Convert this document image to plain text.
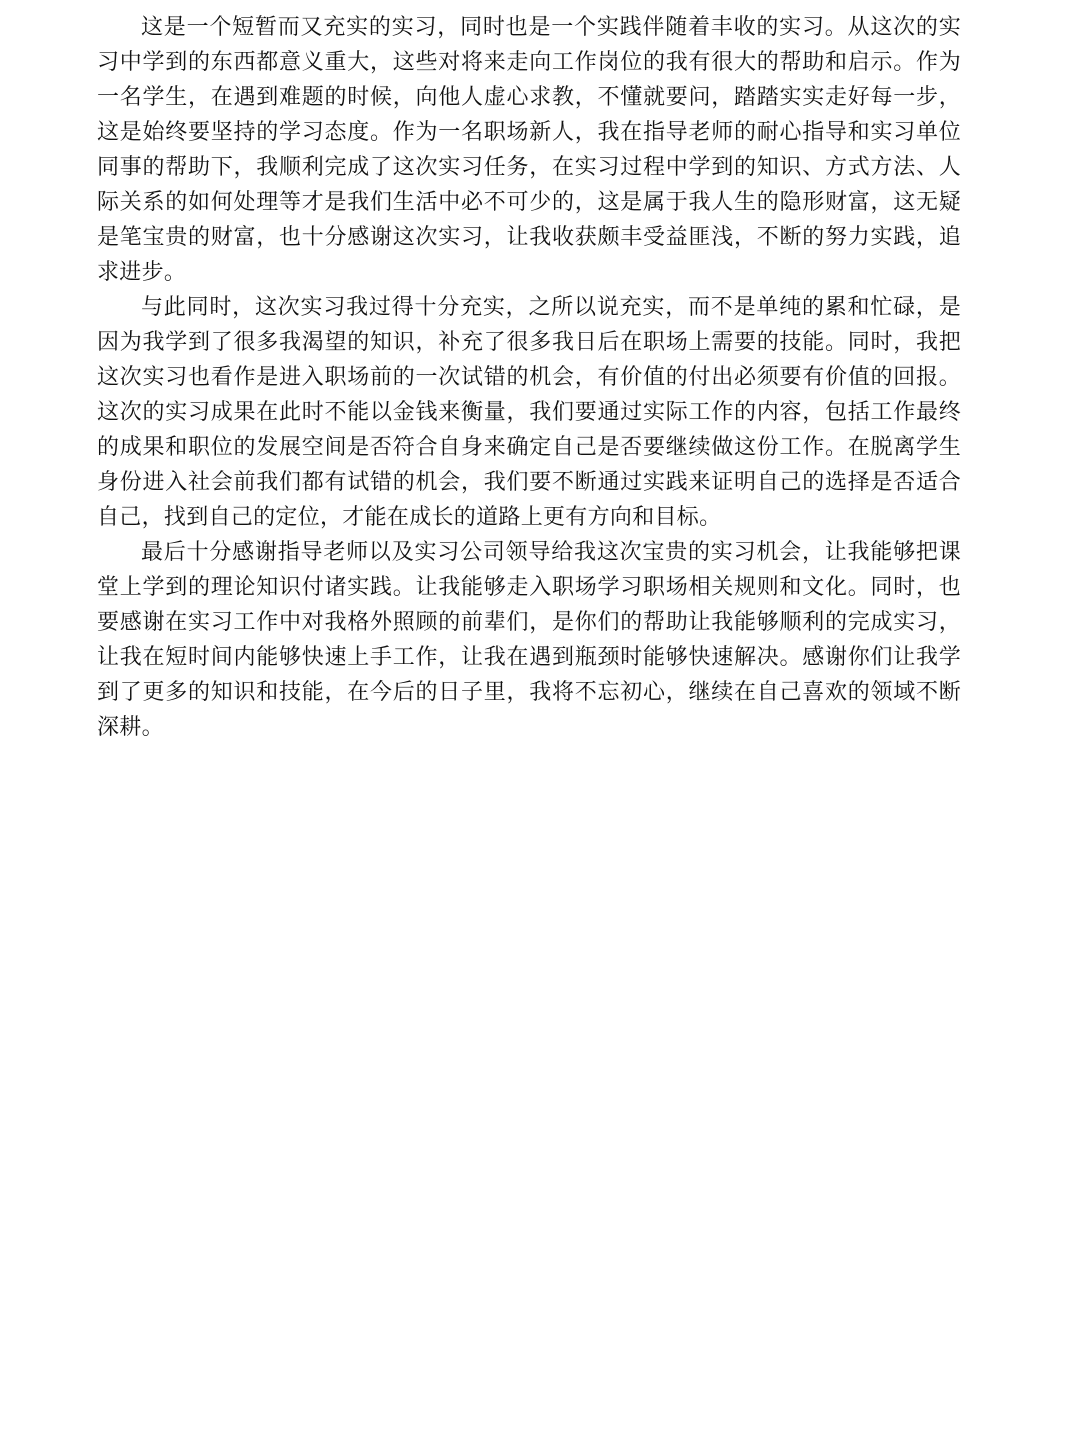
这是一个短暂而又充实的实习，同时也是一个实践伴随着丰收的实习。从这次的实习中学到的东西都意义重大，这些对将来走向工作岗位的我有很大的帮助和启示。作为一名学生，在遇到难题的时候，向他人虚心求教，不懂就要问，踏踏实实走好每一步，这是始终要坚持的学习态度。作为一名职场新人，我在指导老师的耐心指导和实习单位同事的帮助下，我顺利完成了这次实习任务，在实习过程中学到的知识、方式方法、人际关系的如何处理等才是我们生活中必不可少的，这是属于我人生的隐形财富，这无疑是笔宝贵的财富，也十分感谢这次实习，让我收获颇丰受益匪浅，不断的努力实践，追求进步。

与此同时，这次实习我过得十分充实，之所以说充实，而不是单纯的累和忙碌，是因为我学到了很多我渴望的知识，补充了很多我日后在职场上需要的技能。同时，我把这次实习也看作是进入职场前的一次试错的机会，有价值的付出必须要有价值的回报。这次的实习成果在此时不能以金钱来衡量，我们要通过实际工作的内容，包括工作最终的成果和职位的发展空间是否符合自身来确定自己是否要继续做这份工作。在脱离学生身份进入社会前我们都有试错的机会，我们要不断通过实践来证明自己的选择是否适合自己，找到自己的定位，才能在成长的道路上更有方向和目标。

最后十分感谢指导老师以及实习公司领导给我这次宝贵的实习机会，让我能够把课堂上学到的理论知识付诸实践。让我能够走入职场学习职场相关规则和文化。同时，也要感谢在实习工作中对我格外照顾的前辈们，是你们的帮助让我能够顺利的完成实习，让我在短时间内能够快速上手工作，让我在遇到瓶颈时能够快速解决。感谢你们让我学到了更多的知识和技能，在今后的日子里，我将不忘初心，继续在自己喜欢的领域不断深耕。
